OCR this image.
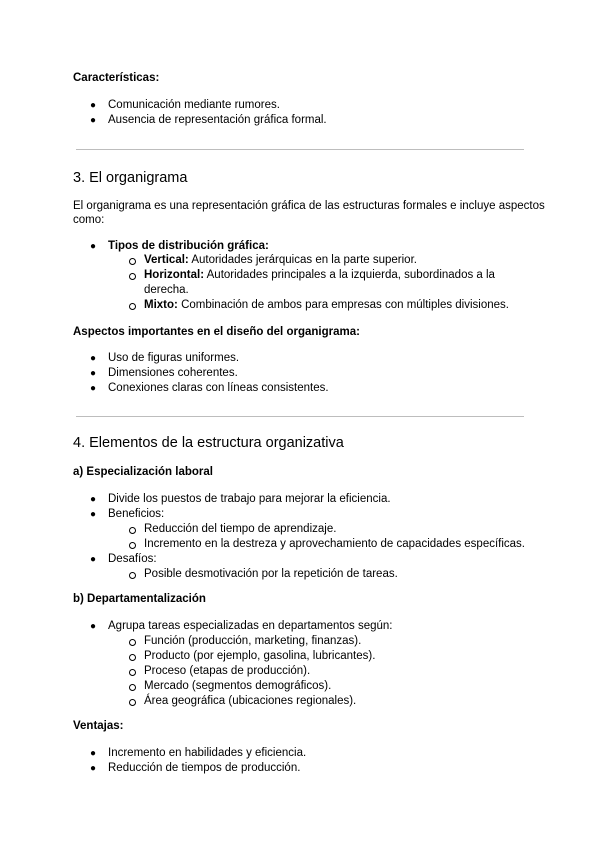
Características:

● Comunicación mediante rumores.
● Ausencia de representación gráfica formal.

3. El organigrama

El organigrama es una representación gráfica de las estructuras formales e incluye aspectos

como:

● Tipos de distribución gráfica:
Vertical: Autoridades jerárquicas en la parte superior.
Horizontal: Autoridades principales a la izquierda, subordinados a la
derecha.
Mixto: Combinación de ambos para empresas con múltiples divisiones.

Aspectos importantes en el diseño del organigrama:

● Uso de figuras uniformes.
● Dimensiones coherentes.
● Conexiones claras con líneas consistentes.

4. Elementos de la estructura organizativa

a) Especialización laboral

● Divide los puestos de trabajo para mejorar la eficiencia.
● Beneficios:
Reducción del tiempo de aprendizaje.
Incremento en la destreza y aprovechamiento de capacidades específicas.
● Desafíos:
Posible desmotivación por la repetición de tareas.

b) Departamentalización

● Agrupa tareas especializadas en departamentos según:
Función (producción, marketing, finanzas).
Producto (por ejemplo, gasolina, lubricantes).
Proceso (etapas de producción).
Mercado (segmentos demográficos).
Área geográfica (ubicaciones regionales).

Ventajas:

● Incremento en habilidades y eficiencia.
● Reducción de tiempos de producción.
